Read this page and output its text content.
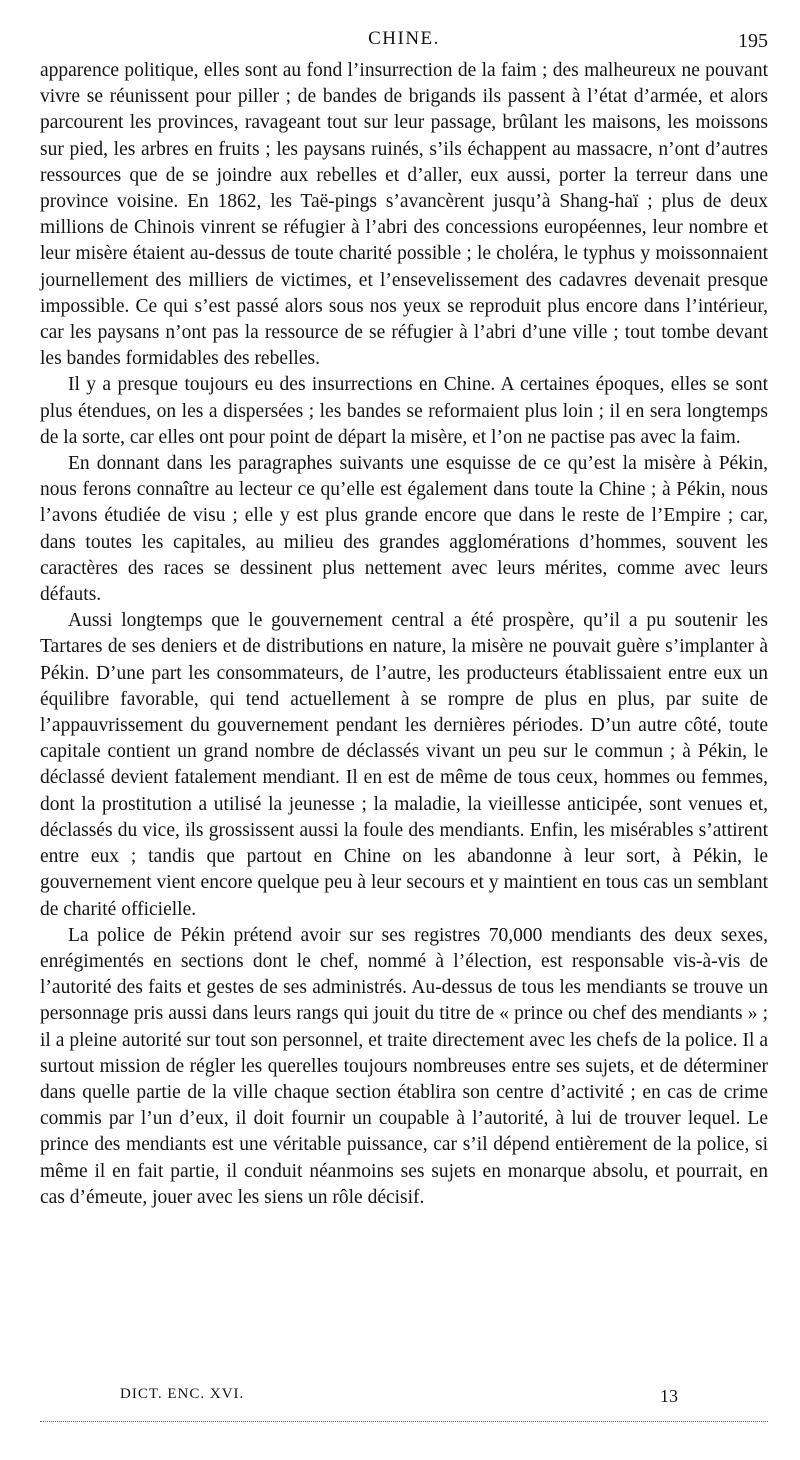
CHINE.	195

apparence politique, elles sont au fond l’insurrection de la faim ; des malheureux ne pouvant vivre se réunissent pour piller ; de bandes de brigands ils passent à l’état d’armée, et alors parcourent les provinces, ravageant tout sur leur passage, brûlant les maisons, les moissons sur pied, les arbres en fruits ; les paysans ruinés, s’ils échappent au massacre, n’ont d’autres ressources que de se joindre aux rebelles et d’aller, eux aussi, porter la terreur dans une province voisine. En 1862, les Taë-pings s’avancèrent jusqu’à Shang-haï ; plus de deux millions de Chinois vinrent se réfugier à l’abri des concessions européennes, leur nombre et leur misère étaient au-dessus de toute charité possible ; le choléra, le typhus y moissonnaient journellement des milliers de victimes, et l’ensevelissement des cadavres devenait presque impossible. Ce qui s’est passé alors sous nos yeux se reproduit plus encore dans l’intérieur, car les paysans n’ont pas la ressource de se réfugier à l’abri d’une ville ; tout tombe devant les bandes formidables des rebelles.

Il y a presque toujours eu des insurrections en Chine. A certaines époques, elles se sont plus étendues, on les a dispersées ; les bandes se reformaient plus loin ; il en sera longtemps de la sorte, car elles ont pour point de départ la misère, et l’on ne pactise pas avec la faim.

En donnant dans les paragraphes suivants une esquisse de ce qu’est la misère à Pékin, nous ferons connaître au lecteur ce qu’elle est également dans toute la Chine ; à Pékin, nous l’avons étudiée de visu ; elle y est plus grande encore que dans le reste de l’Empire ; car, dans toutes les capitales, au milieu des grandes agglomérations d’hommes, souvent les caractères des races se dessinent plus nettement avec leurs mérites, comme avec leurs défauts.

Aussi longtemps que le gouvernement central a été prospère, qu’il a pu soutenir les Tartares de ses deniers et de distributions en nature, la misère ne pouvait guère s’implanter à Pékin. D’une part les consommateurs, de l’autre, les producteurs établissaient entre eux un équilibre favorable, qui tend actuellement à se rompre de plus en plus, par suite de l’appauvrissement du gouvernement pendant les dernières périodes. D’un autre côté, toute capitale contient un grand nombre de déclassés vivant un peu sur le commun ; à Pékin, le déclassé devient fatalement mendiant. Il en est de même de tous ceux, hommes ou femmes, dont la prostitution a utilisé la jeunesse ; la maladie, la vieillesse anticipée, sont venues et, déclassés du vice, ils grossissent aussi la foule des mendiants. Enfin, les misérables s’attirent entre eux ; tandis que partout en Chine on les abandonne à leur sort, à Pékin, le gouvernement vient encore quelque peu à leur secours et y maintient en tous cas un semblant de charité officielle.

La police de Pékin prétend avoir sur ses registres 70,000 mendiants des deux sexes, enrégimentés en sections dont le chef, nommé à l’élection, est responsable vis-à-vis de l’autorité des faits et gestes de ses administrés. Au-dessus de tous les mendiants se trouve un personnage pris aussi dans leurs rangs qui jouit du titre de « prince ou chef des mendiants » ; il a pleine autorité sur tout son personnel, et traite directement avec les chefs de la police. Il a surtout mission de régler les querelles toujours nombreuses entre ses sujets, et de déterminer dans quelle partie de la ville chaque section établira son centre d’activité ; en cas de crime commis par l’un d’eux, il doit fournir un coupable à l’autorité, à lui de trouver lequel. Le prince des mendiants est une véritable puissance, car s’il dépend entièrement de la police, si même il en fait partie, il conduit néanmoins ses sujets en monarque absolu, et pourrait, en cas d’émeute, jouer avec les siens un rôle décisif.

DICT. ENC. XVI.	13
